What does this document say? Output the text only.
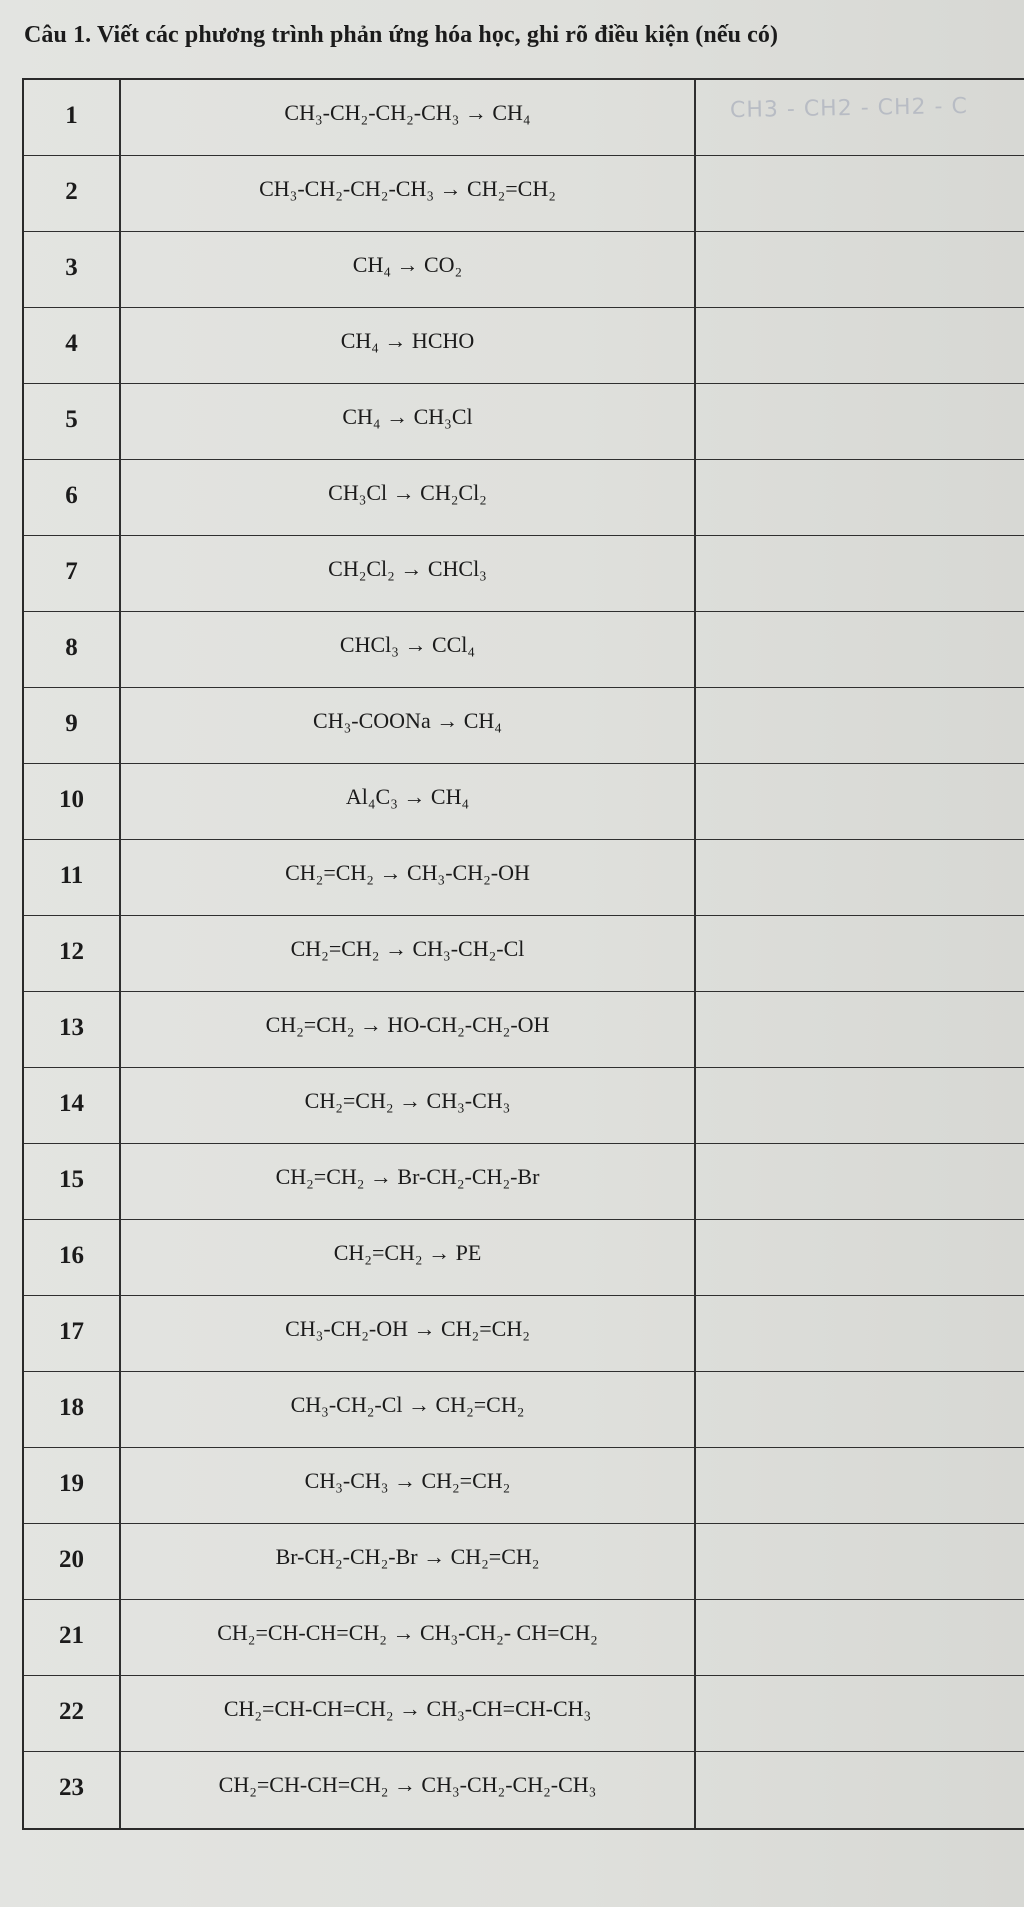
Câu 1. Viết các phương trình phản ứng hóa học, ghi rõ điều kiện (nếu có)
1	CH₃-CH₂-CH₂-CH₃ → CH₄
2	CH₃-CH₂-CH₂-CH₃ → CH₂=CH₂
3	CH₄ → CO₂
4	CH₄ → HCHO
5	CH₄ → CH₃Cl
6	CH₃Cl → CH₂Cl₂
7	CH₂Cl₂ → CHCl₃
8	CHCl₃ → CCl₄
9	CH₃-COONa → CH₄
10	Al₄C₃ → CH₄
11	CH₂=CH₂ → CH₃-CH₂-OH
12	CH₂=CH₂ → CH₃-CH₂-Cl
13	CH₂=CH₂ → HO-CH₂-CH₂-OH
14	CH₂=CH₂ → CH₃-CH₃
15	CH₂=CH₂ → Br-CH₂-CH₂-Br
16	CH₂=CH₂ → PE
17	CH₃-CH₂-OH → CH₂=CH₂
18	CH₃-CH₂-Cl → CH₂=CH₂
19	CH₃-CH₃ → CH₂=CH₂
20	Br-CH₂-CH₂-Br → CH₂=CH₂
21	CH₂=CH-CH=CH₂ → CH₃-CH₂- CH=CH₂
22	CH₂=CH-CH=CH₂ → CH₃-CH=CH-CH₃
23	CH₂=CH-CH=CH₂ → CH₃-CH₂-CH₂-CH₃
CH3 - CH2 - CH2 - C
